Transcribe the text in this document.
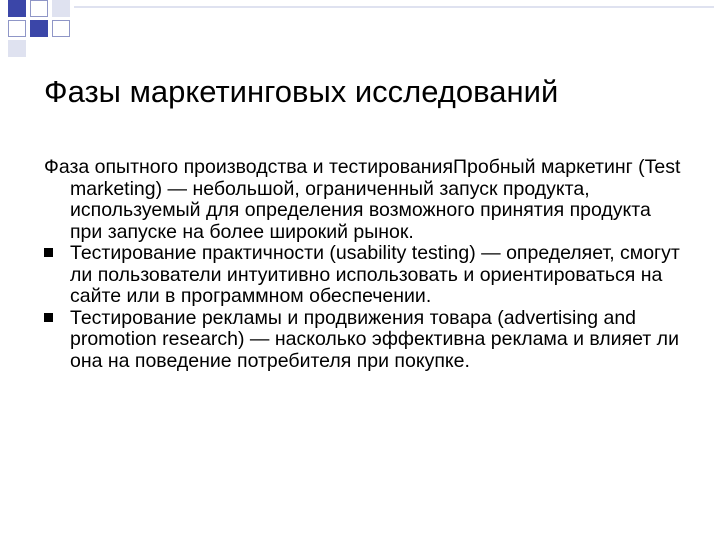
Фазы маркетинговых исследований

Фаза опытного производства и тестированияПробный маркетинг (Test marketing) — небольшой, ограниченный запуск продукта, используемый для определения возможного принятия продукта при запуске на более широкий рынок.

Тестирование практичности (usability testing) — определяет, смогут ли пользователи интуитивно использовать и ориентироваться на сайте или в программном обеспечении.

Тестирование рекламы и продвижения товара (advertising and promotion research) — насколько эффективна реклама и влияет ли она на поведение потребителя при покупке.
